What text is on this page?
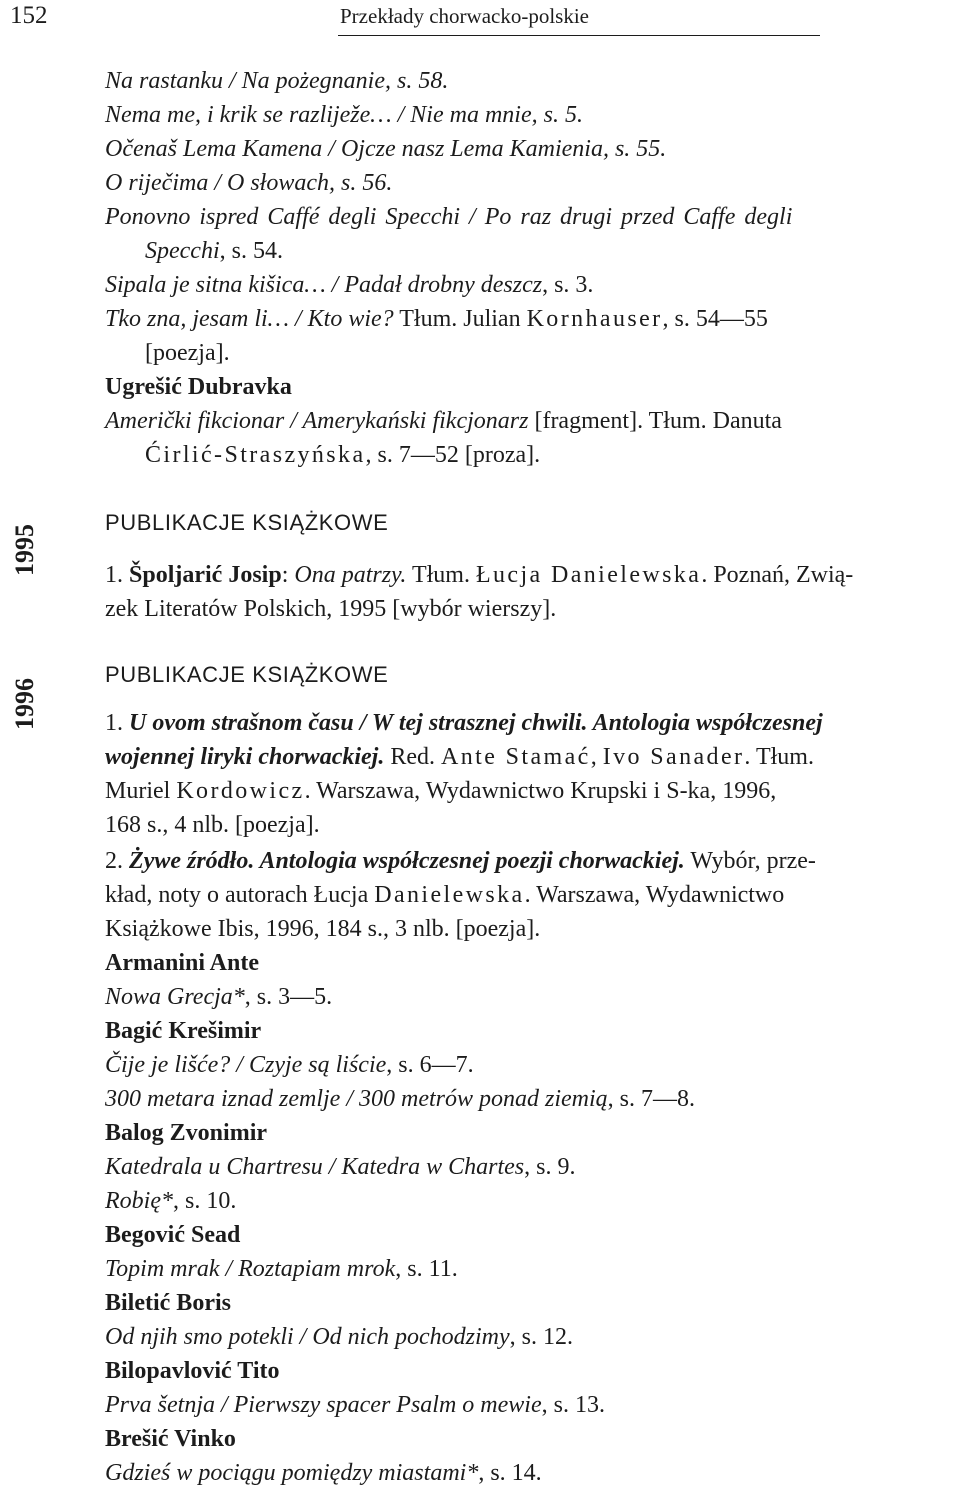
152	Przekłady chorwacko-polskie
Na rastanku / Na pożegnanie, s. 58.
Nema me, i krik se razliježe… / Nie ma mnie, s. 5.
Očenaš Lema Kamena / Ojcze nasz Lema Kamienia, s. 55.
O riječima / O słowach, s. 56.
Ponovno ispred Caffé degli Specchi / Po raz drugi przed Caffe degli
Specchi, s. 54.
Sipala je sitna kišica… / Padał drobny deszcz, s. 3.
Tko zna, jesam li… / Kto wie? Tłum. Julian Kornhauser, s. 54—55
[poezja].
Ugrešić Dubravka
Američki fikcionar / Amerykański fikcjonarz [fragment]. Tłum. Danuta
Ćirlić-Straszyńska, s. 7—52 [proza].
1995
PUBLIKACJE KSIĄŻKOWE
1. Špoljarić Josip: Ona patrzy. Tłum. Łucja Danielewska. Poznań, Zwią-
zek Literatów Polskich, 1995 [wybór wierszy].
1996
PUBLIKACJE KSIĄŻKOWE
1. U ovom strašnom času / W tej strasznej chwili. Antologia współczesnej
wojennej liryki chorwackiej. Red. Ante Stamać, Ivo Sanader. Tłum.
Muriel Kordowicz. Warszawa, Wydawnictwo Krupski i S-ka, 1996,
168 s., 4 nlb. [poezja].
2. Żywe źródło. Antologia współczesnej poezji chorwackiej. Wybór, prze-
kład, noty o autorach Łucja Danielewska. Warszawa, Wydawnictwo
Książkowe Ibis, 1996, 184 s., 3 nlb. [poezja].
Armanini Ante
Nowa Grecja*, s. 3—5.
Bagić Krešimir
Čije je lišće? / Czyje są liście, s. 6—7.
300 metara iznad zemlje / 300 metrów ponad ziemią, s. 7—8.
Balog Zvonimir
Katedrala u Chartresu / Katedra w Chartes, s. 9.
Robię*, s. 10.
Begović Sead
Topim mrak / Roztapiam mrok, s. 11.
Biletić Boris
Od njih smo potekli / Od nich pochodzimy, s. 12.
Bilopavlović Tito
Prva šetnja / Pierwszy spacer Psalm o mewie, s. 13.
Brešić Vinko
Gdzieś w pociągu pomiędzy miastami*, s. 14.
